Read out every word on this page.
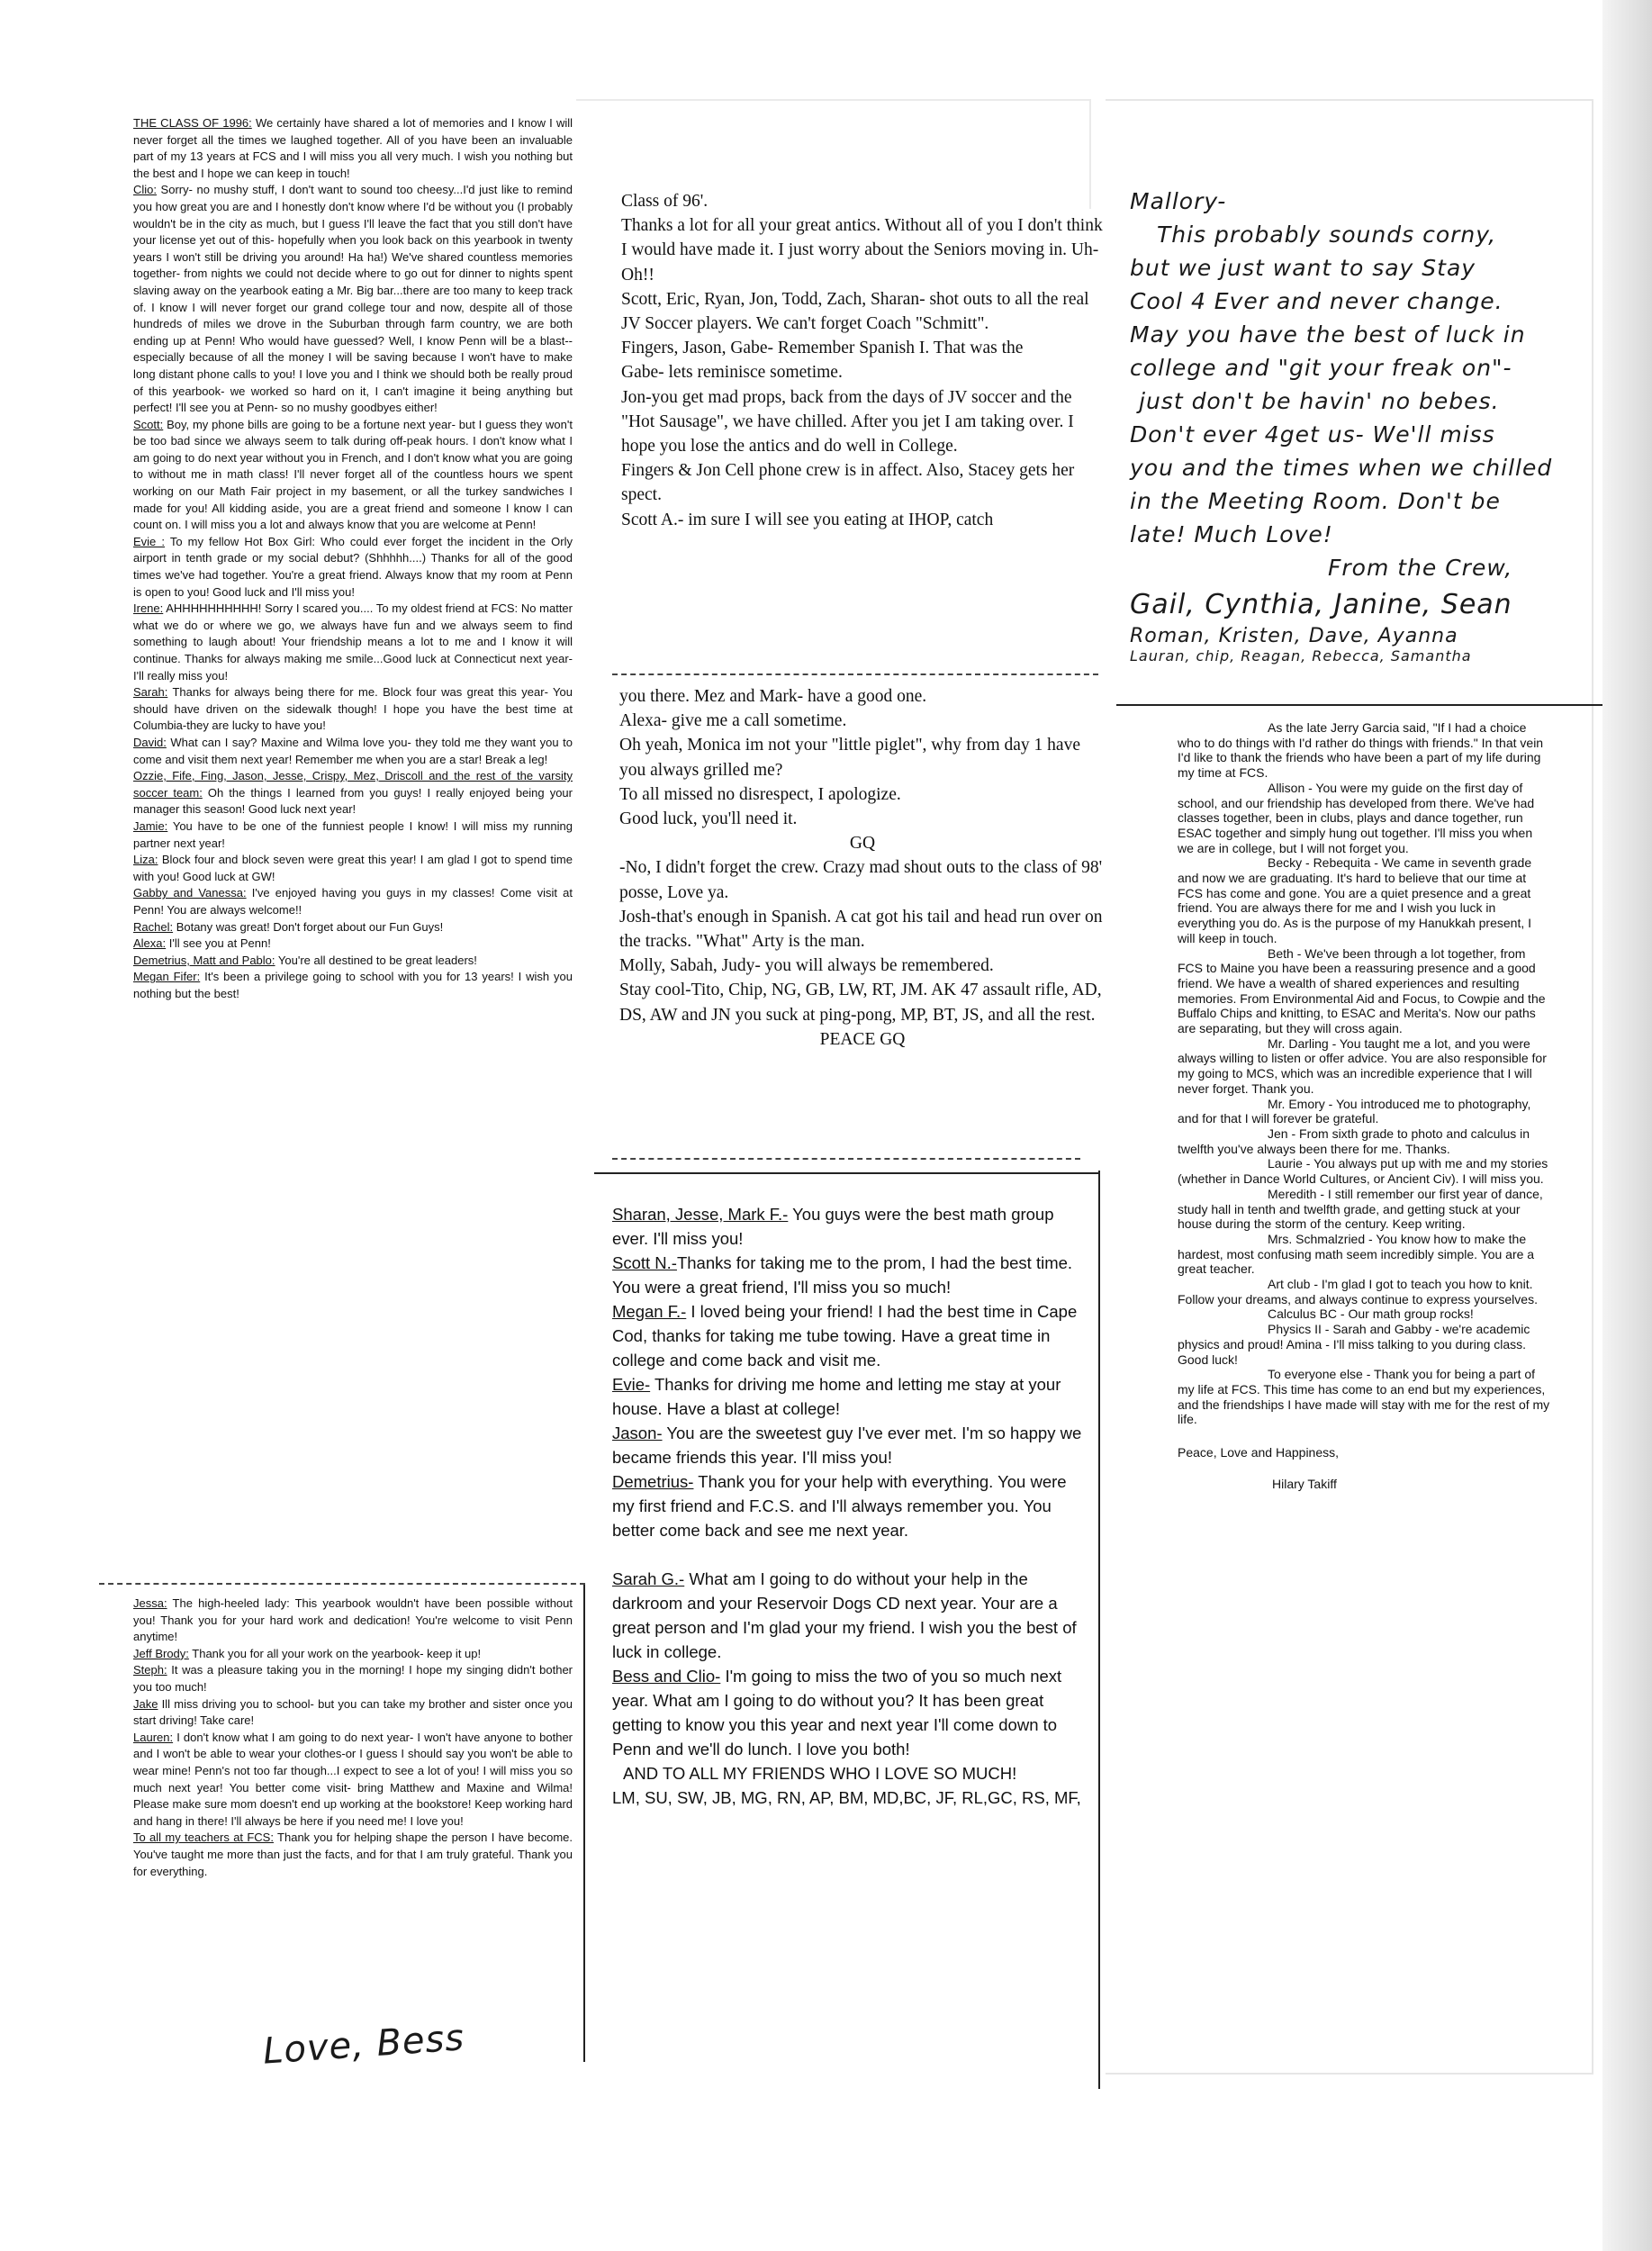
THE CLASS OF 1996: We certainly have shared a lot of memories and I know I will never forget all the times we laughed together. All of you have been an invaluable part of my 13 years at FCS and I will miss you all very much. I wish you nothing but the best and I hope we can keep in touch!

Clio: Sorry- no mushy stuff, I don't want to sound too cheesy...I'd just like to remind you how great you are and I honestly don't know where I'd be without you (I probably wouldn't be in the city as much, but I guess I'll leave the fact that you still don't have your license yet out of this- hopefully when you look back on this yearbook in twenty years I won't still be driving you around! Ha ha!) We've shared countless memories together- from nights we could not decide where to go out for dinner to nights spent slaving away on the yearbook eating a Mr. Big bar...there are too many to keep track of. I know I will never forget our grand college tour and now, despite all of those hundreds of miles we drove in the Suburban through farm country, we are both ending up at Penn! Who would have guessed? Well, I know Penn will be a blast-- especially because of all the money I will be saving because I won't have to make long distant phone calls to you! I love you and I think we should both be really proud of this yearbook- we worked so hard on it, I can't imagine it being anything but perfect! I'll see you at Penn- so no mushy goodbyes either!

Scott: Boy, my phone bills are going to be a fortune next year- but I guess they won't be too bad since we always seem to talk during off-peak hours. I don't know what I am going to do next year without you in French, and I don't know what you are going to without me in math class! I'll never forget all of the countless hours we spent working on our Math Fair project in my basement, or all the turkey sandwiches I made for you! All kidding aside, you are a great friend and someone I know I can count on. I will miss you a lot and always know that you are welcome at Penn!

Evie : To my fellow Hot Box Girl: Who could ever forget the incident in the Orly airport in tenth grade or my social debut? (Shhhhh....) Thanks for all of the good times we've had together. You're a great friend. Always know that my room at Penn is open to you! Good luck and I'll miss you!

Irene: AHHHHHHHHHH! Sorry I scared you.... To my oldest friend at FCS: No matter what we do or where we go, we always have fun and we always seem to find something to laugh about! Your friendship means a lot to me and I know it will continue. Thanks for always making me smile...Good luck at Connecticut next year-I'll really miss you!

Sarah: Thanks for always being there for me. Block four was great this year- You should have driven on the sidewalk though! I hope you have the best time at Columbia-they are lucky to have you!

David: What can I say? Maxine and Wilma love you- they told me they want you to come and visit them next year! Remember me when you are a star! Break a leg!

Ozzie, Fife, Fing, Jason, Jesse, Crispy, Mez, Driscoll and the rest of the varsity soccer team: Oh the things I learned from you guys! I really enjoyed being your manager this season! Good luck next year!

Jamie: You have to be one of the funniest people I know! I will miss my running partner next year!

Liza: Block four and block seven were great this year! I am glad I got to spend time with you! Good luck at GW!

Gabby and Vanessa: I've enjoyed having you guys in my classes! Come visit at Penn! You are always welcome!!

Rachel: Botany was great! Don't forget about our Fun Guys!

Alexa: I'll see you at Penn!

Demetrius, Matt and Pablo: You're all destined to be great leaders!

Megan Fifer: It's been a privilege going to school with you for 13 years! I wish you nothing but the best!

Jessa: The high-heeled lady: This yearbook wouldn't have been possible without you! Thank you for your hard work and dedication! You're welcome to visit Penn anytime!

Jeff Brody: Thank you for all your work on the yearbook- keep it up!

Steph: It was a pleasure taking you in the morning! I hope my singing didn't bother you too much!

Jake Ill miss driving you to school- but you can take my brother and sister once you start driving! Take care!

Lauren: I don't know what I am going to do next year- I won't have anyone to bother and I won't be able to wear your clothes-or I guess I should say you won't be able to wear mine! Penn's not too far though...I expect to see a lot of you! I will miss you so much next year! You better come visit- bring Matthew and Maxine and Wilma! Please make sure mom doesn't end up working at the bookstore! Keep working hard and hang in there! I'll always be here if you need me! I love you!

To all my teachers at FCS: Thank you for helping shape the person I have become. You've taught me more than just the facts, and for that I am truly grateful. Thank you for everything.

Love, Bess

Class of 96'.

Thanks a lot for all your great antics. Without all of you I don't think I would have made it. I just worry about the Seniors moving in. Uh-Oh!!

Scott, Eric, Ryan, Jon, Todd, Zach, Sharan- shot outs to all the real JV Soccer players. We can't forget Coach "Schmitt".

Fingers, Jason, Gabe- Remember Spanish I. That was the

Gabe- lets reminisce sometime.

Jon-you get mad props, back from the days of JV soccer and the "Hot Sausage", we have chilled. After you jet I am taking over. I hope you lose the antics and do well in College.

Fingers & Jon Cell phone crew is in affect. Also, Stacey gets her spect.

Scott A.- im sure I will see you eating at IHOP, catch

you there. Mez and Mark- have a good one.

Alexa- give me a call sometime.

Oh yeah, Monica im not your "little piglet", why from day 1 have you always grilled me?

To all missed no disrespect, I apologize.

Good luck, you'll need it.

GQ

-No, I didn't forget the crew. Crazy mad shout outs to the class of 98' posse, Love ya.

Josh-that's enough in Spanish. A cat got his tail and head run over on the tracks. "What" Arty is the man.

Molly, Sabah, Judy- you will always be remembered.

Stay cool-Tito, Chip, NG, GB, LW, RT, JM. AK 47 assault rifle, AD, DS, AW and JN you suck at ping-pong, MP, BT, JS, and all the rest.

PEACE GQ

Sharan, Jesse, Mark F.- You guys were the best math group ever. I'll miss you!

Scott N.-Thanks for taking me to the prom, I had the best time. You were a great friend, I'll miss you so much!

Megan F.- I loved being your friend! I had the best time in Cape Cod, thanks for taking me tube towing. Have a great time in college and come back and visit me.

Evie- Thanks for driving me home and letting me stay at your house. Have a blast at college!

Jason- You are the sweetest guy I've ever met. I'm so happy we became friends this year. I'll miss you!

Demetrius- Thank you for your help with everything. You were my first friend and F.C.S. and I'll always remember you. You better come back and see me next year.

Sarah G.- What am I going to do without your help in the darkroom and your Reservoir Dogs CD next year. Your are a great person and I'm glad your my friend. I wish you the best of luck in college.

Bess and Clio- I'm going to miss the two of you so much next year. What am I going to do without you? It has been great getting to know you this year and next year I'll come down to Penn and we'll do lunch. I love you both!

AND TO ALL MY FRIENDS WHO I LOVE SO MUCH!

LM, SU, SW, JB, MG, RN, AP, BM, MD,BC, JF, RL,GC, RS, MF,

Mallory-

This probably sounds corny,

but we just want to say Stay

Cool 4 Ever and never change.

May you have the best of luck in

college and "git your freak on"-

just don't be havin' no bebes.

Don't ever 4get us- We'll miss

you and the times when we chilled

in the Meeting Room. Don't be

late! Much Love!

From the Crew,

Gail, Cynthia, Janine, Sean

Roman, Kristen, Dave, Ayanna

Lauran, chip, Reagan, Rebecca, Samantha

As the late Jerry Garcia said, "If I had a choice who to do things with I'd rather do things with friends." In that vein I'd like to thank the friends who have been a part of my life during my time at FCS.

Allison - You were my guide on the first day of school, and our friendship has developed from there. We've had classes together, been in clubs, plays and dance together, run ESAC together and simply hung out together. I'll miss you when we are in college, but I will not forget you.

Becky - Rebequita - We came in seventh grade and now we are graduating. It's hard to believe that our time at FCS has come and gone. You are a quiet presence and a great friend. You are always there for me and I wish you luck in everything you do. As is the purpose of my Hanukkah present, I will keep in touch.

Beth - We've been through a lot together, from FCS to Maine you have been a reassuring presence and a good friend. We have a wealth of shared experiences and resulting memories. From Environmental Aid and Focus, to Cowpie and the Buffalo Chips and knitting, to ESAC and Merita's. Now our paths are separating, but they will cross again.

Mr. Darling - You taught me a lot, and you were always willing to listen or offer advice. You are also responsible for my going to MCS, which was an incredible experience that I will never forget. Thank you.

Mr. Emory - You introduced me to photography, and for that I will forever be grateful.

Jen - From sixth grade to photo and calculus in twelfth you've always been there for me. Thanks.

Laurie - You always put up with me and my stories (whether in Dance World Cultures, or Ancient Civ). I will miss you.

Meredith - I still remember our first year of dance, study hall in tenth and twelfth grade, and getting stuck at your house during the storm of the century. Keep writing.

Mrs. Schmalzried - You know how to make the hardest, most confusing math seem incredibly simple. You are a great teacher.

Art club - I'm glad I got to teach you how to knit. Follow your dreams, and always continue to express yourselves.

Calculus BC - Our math group rocks!

Physics II - Sarah and Gabby - we're academic physics and proud! Amina - I'll miss talking to you during class. Good luck!

To everyone else - Thank you for being a part of my life at FCS. This time has come to an end but my experiences, and the friendships I have made will stay with me for the rest of my life.

Peace, Love and Happiness,

Hilary Takiff
